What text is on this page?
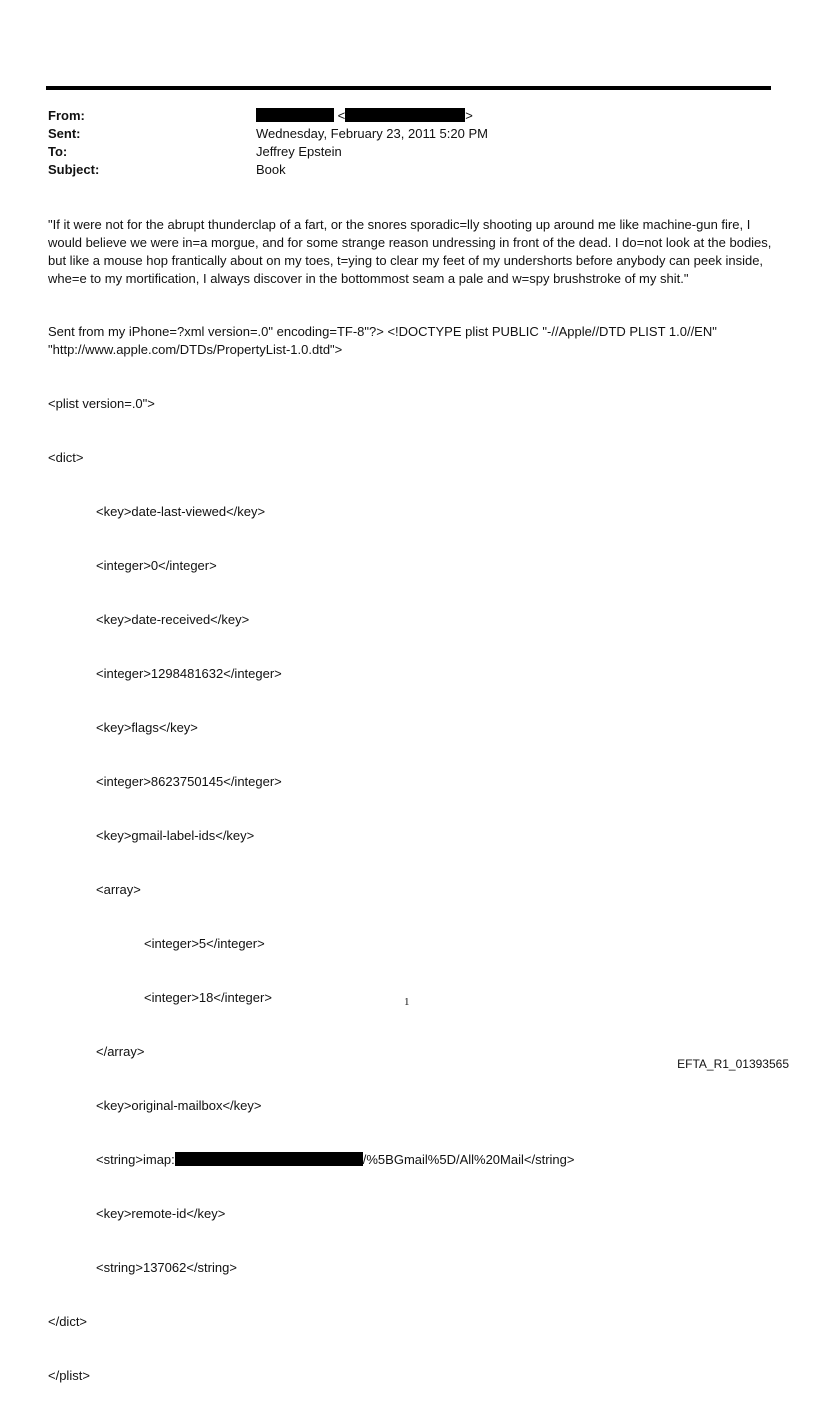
From:	<	>
Sent:	Wednesday, February 23, 2011 5:20 PM
To:	Jeffrey Epstein
Subject:	Book

"If it were not for the abrupt thunderclap of a fart, or the snores sporadic=lly shooting up around me like machine-gun fire, I would believe we were in=a morgue, and for some strange reason undressing in front of the dead. I do=not look at the bodies, but like a mouse hop frantically about on my toes, t=ying to clear my feet of my undershorts before anybody can peek inside, whe=e to my mortification, I always discover in the bottommost seam a pale and w=spy brushstroke of my shit."

Sent from my iPhone=?xml version=.0" encoding=TF-8"?> <!DOCTYPE plist PUBLIC "-//Apple//DTD PLIST 1.0//EN" "http://www.apple.com/DTDs/PropertyList-1.0.dtd">

<plist version=.0">

<dict>

<key>date-last-viewed</key>

<integer>0</integer>

<key>date-received</key>

<integer>1298481632</integer>

<key>flags</key>

<integer>8623750145</integer>

<key>gmail-label-ids</key>

<array>

<integer>5</integer>

<integer>18</integer>

</array>

<key>original-mailbox</key>

<string>imap:	/%5BGmail%5D/All%20Mail</string>

<key>remote-id</key>

<string>137062</string>

</dict>

</plist>

1
EFTA_R1_01393565
